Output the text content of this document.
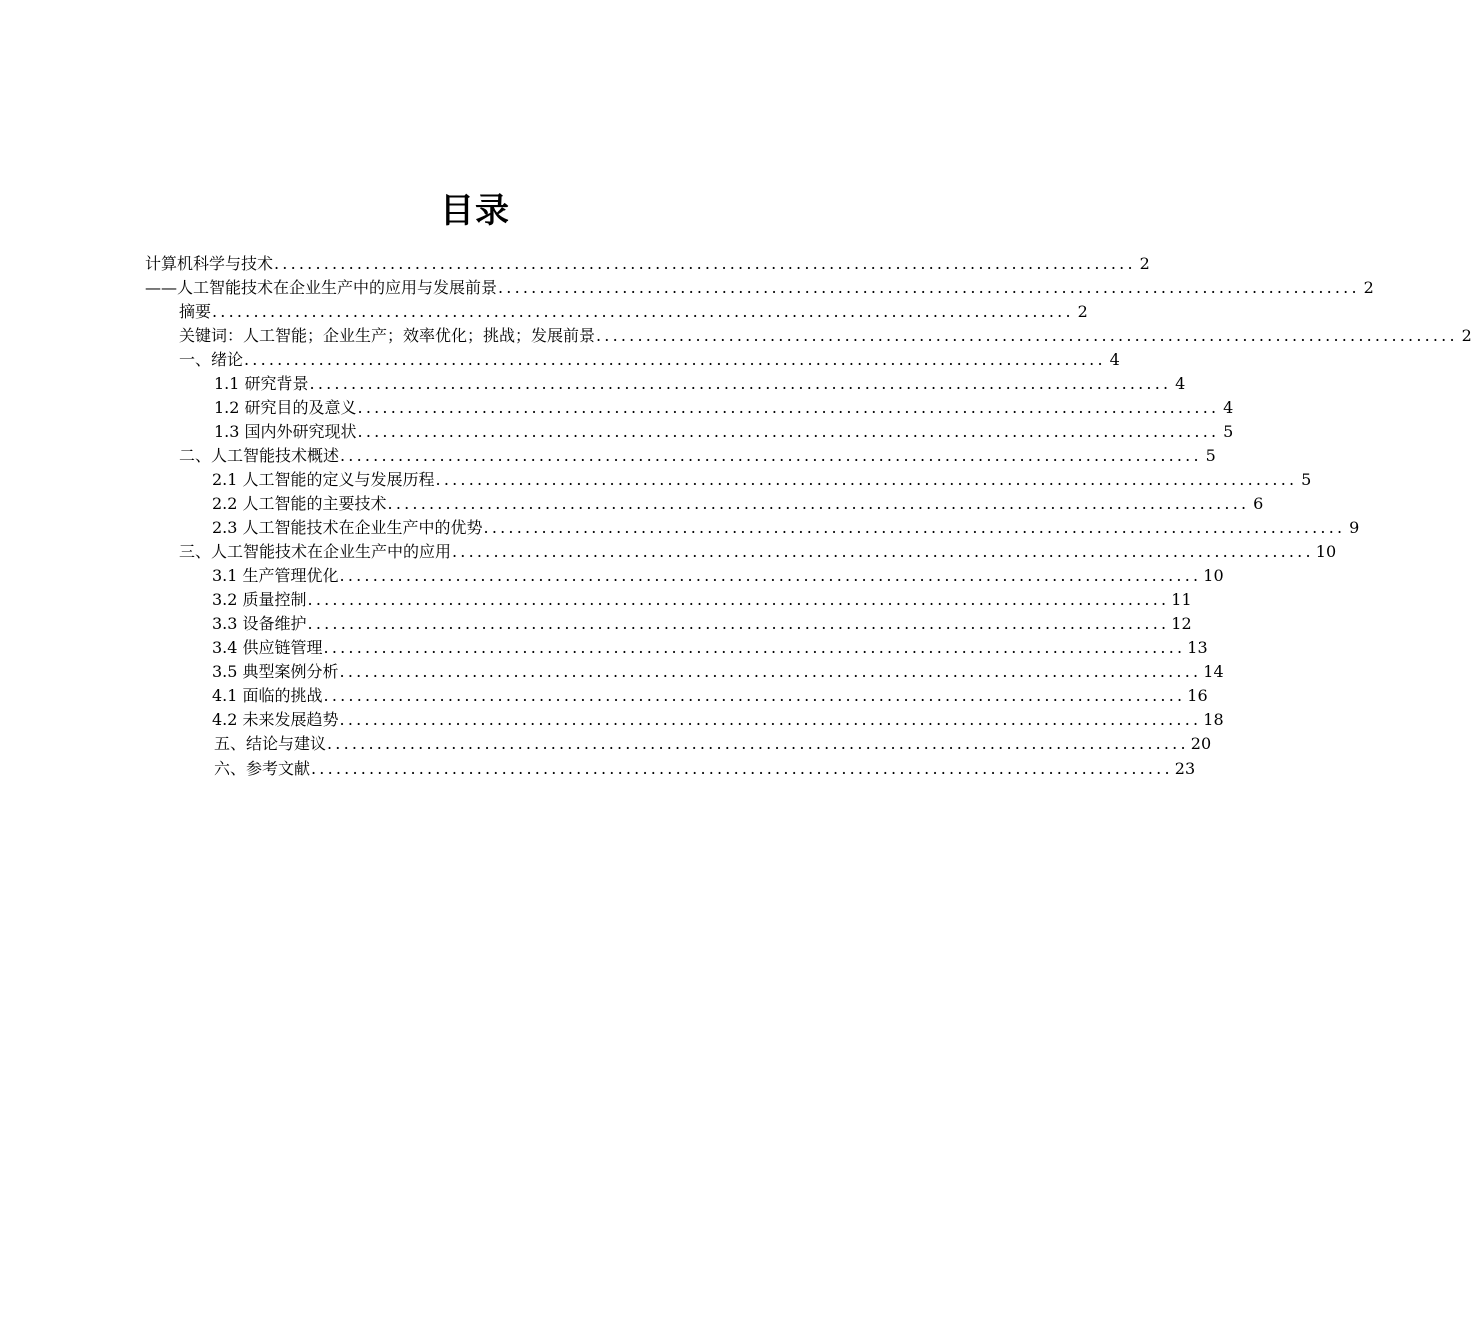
目录
计算机科学与技术 ........................................................................................................ 2
——人工智能技术在企业生产中的应用与发展前景 ........................................................................................................ 2
摘要 ........................................................................................................ 2
关键词：人工智能；企业生产；效率优化；挑战；发展前景 ........................................................................................................ 2
一、绪论 ........................................................................................................ 4
1.1 研究背景 ........................................................................................................ 4
1.2 研究目的及意义 ........................................................................................................ 4
1.3 国内外研究现状 ........................................................................................................ 5
二、人工智能技术概述 ........................................................................................................ 5
2.1 人工智能的定义与发展历程 ........................................................................................................ 5
2.2 人工智能的主要技术 ........................................................................................................ 6
2.3 人工智能技术在企业生产中的优势 ........................................................................................................ 9
三、人工智能技术在企业生产中的应用 ........................................................................................................ 10
3.1 生产管理优化 ........................................................................................................ 10
3.2 质量控制 ........................................................................................................ 11
3.3 设备维护 ........................................................................................................ 12
3.4 供应链管理 ........................................................................................................ 13
3.5 典型案例分析 ........................................................................................................ 14
4.1 面临的挑战 ........................................................................................................ 16
4.2 未来发展趋势 ........................................................................................................ 18
五、结论与建议 ........................................................................................................ 20
六、参考文献 ........................................................................................................ 23
